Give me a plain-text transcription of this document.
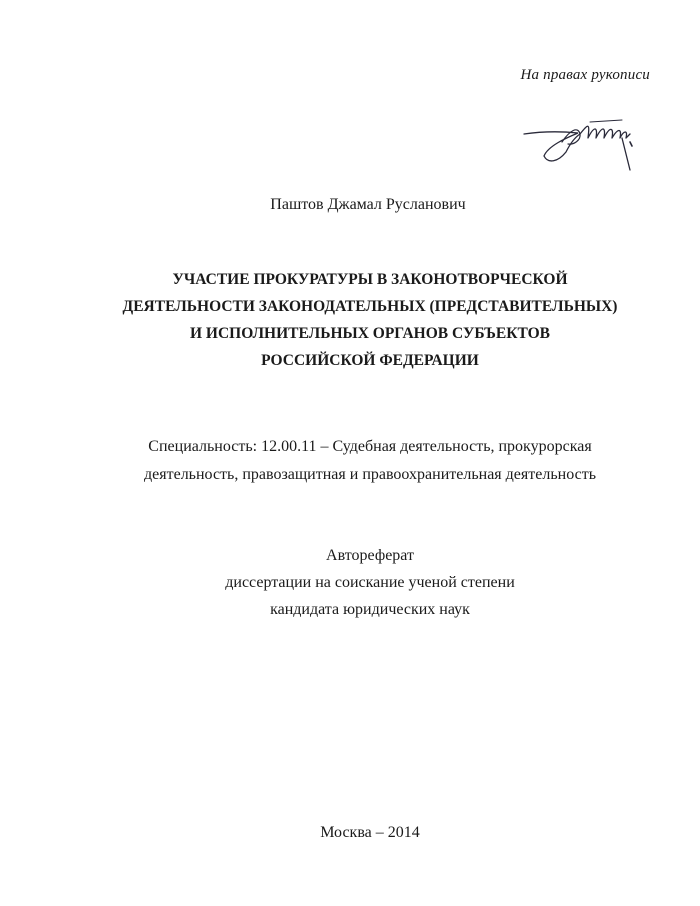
На правах рукописи
Паштов Джамал Русланович
УЧАСТИЕ ПРОКУРАТУРЫ В ЗАКОНОТВОРЧЕСКОЙ
ДЕЯТЕЛЬНОСТИ ЗАКОНОДАТЕЛЬНЫХ (ПРЕДСТАВИТЕЛЬНЫХ)
И ИСПОЛНИТЕЛЬНЫХ ОРГАНОВ СУБЪЕКТОВ
РОССИЙСКОЙ ФЕДЕРАЦИИ
Специальность: 12.00.11 – Судебная деятельность, прокурорская
деятельность, правозащитная и правоохранительная деятельность
Автореферат
диссертации на соискание ученой степени
кандидата юридических наук
Москва – 2014
